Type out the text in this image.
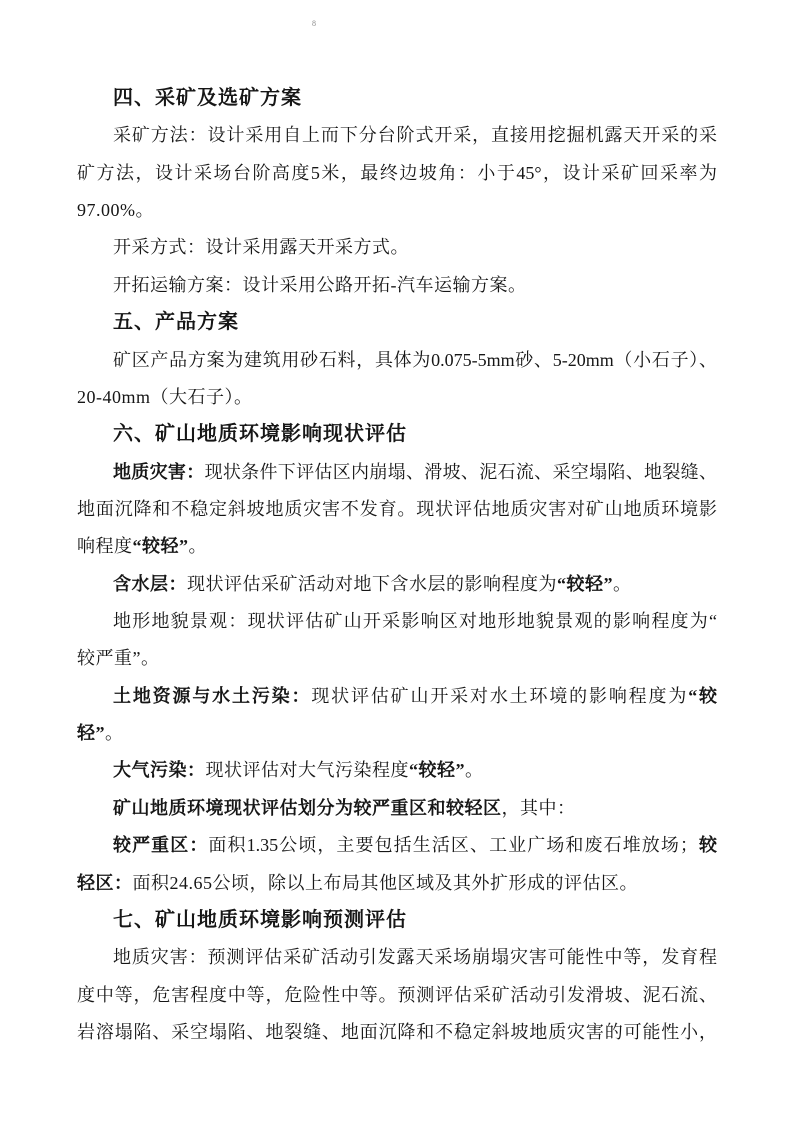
8
四、采矿及选矿方案
采矿方法：设计采用自上而下分台阶式开采，直接用挖掘机露天开采的采
矿方法，设计采场台阶高度5米，最终边坡角：小于45°，设计采矿回采率为
97.00%。
开采方式：设计采用露天开采方式。
开拓运输方案：设计采用公路开拓-汽车运输方案。
五、产品方案
矿区产品方案为建筑用砂石料，具体为0.075-5mm砂、5-20mm（小石子）、
20-40mm（大石子）。
六、矿山地质环境影响现状评估
地质灾害：现状条件下评估区内崩塌、滑坡、泥石流、采空塌陷、地裂缝、
地面沉降和不稳定斜坡地质灾害不发育。现状评估地质灾害对矿山地质环境影
响程度“较轻”。
含水层：现状评估采矿活动对地下含水层的影响程度为“较轻”。
地形地貌景观：现状评估矿山开采影响区对地形地貌景观的影响程度为“
较严重”。
土地资源与水土污染：现状评估矿山开采对水土环境的影响程度为“较
轻”。
大气污染：现状评估对大气污染程度“较轻”。
矿山地质环境现状评估划分为较严重区和较轻区，其中：
较严重区：面积1.35公顷，主要包括生活区、工业广场和废石堆放场；较
轻区：面积24.65公顷，除以上布局其他区域及其外扩形成的评估区。
七、矿山地质环境影响预测评估
地质灾害：预测评估采矿活动引发露天采场崩塌灾害可能性中等，发育程
度中等，危害程度中等，危险性中等。预测评估采矿活动引发滑坡、泥石流、
岩溶塌陷、采空塌陷、地裂缝、地面沉降和不稳定斜坡地质灾害的可能性小，
